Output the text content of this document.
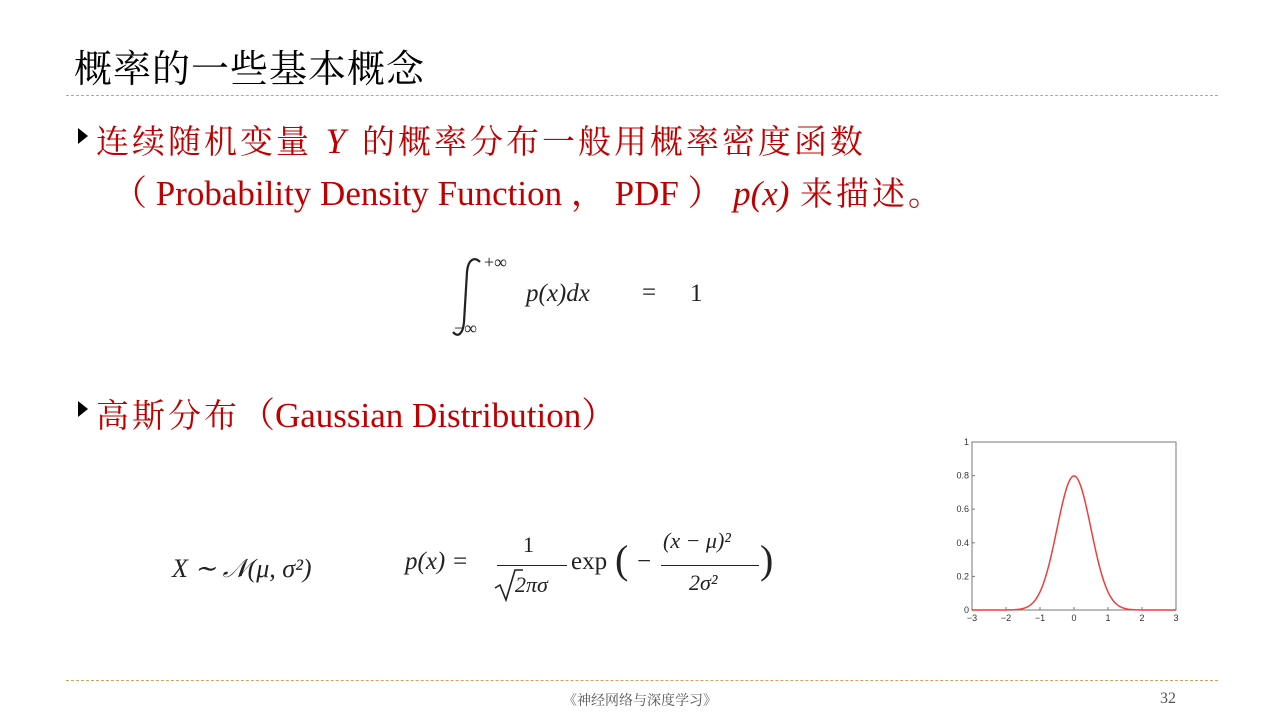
概率的一些基本概念
连续随机变量 Y 的概率分布一般用概率密度函数
（ Probability Density Function ， PDF ） p(x) 来描述。
+∞
−∞
p(x)dx = 1
高斯分布（Gaussian Distribution）
X ∼ 𝒩(μ, σ²)	p(x) =
1
2πσ
exp ( −
(x − μ)²
2σ²
)
0
0.2
0.4
0.6
0.8
1
−3	−2	−1	0	1	2	3
《神经网络与深度学习》	32
